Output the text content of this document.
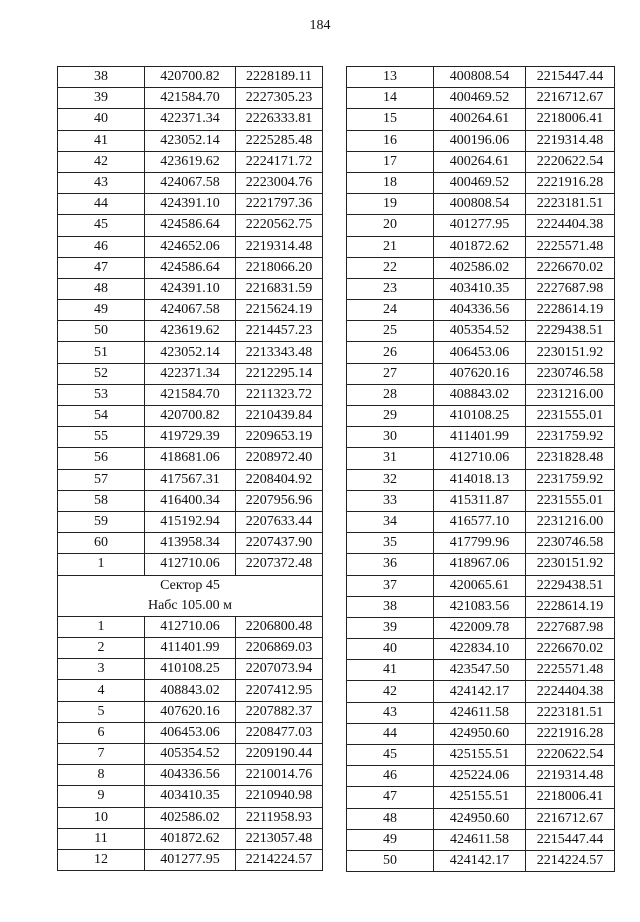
184
38	420700.82	2228189.11
39	421584.70	2227305.23
40	422371.34	2226333.81
41	423052.14	2225285.48
42	423619.62	2224171.72
43	424067.58	2223004.76
44	424391.10	2221797.36
45	424586.64	2220562.75
46	424652.06	2219314.48
47	424586.64	2218066.20
48	424391.10	2216831.59
49	424067.58	2215624.19
50	423619.62	2214457.23
51	423052.14	2213343.48
52	422371.34	2212295.14
53	421584.70	2211323.72
54	420700.82	2210439.84
55	419729.39	2209653.19
56	418681.06	2208972.40
57	417567.31	2208404.92
58	416400.34	2207956.96
59	415192.94	2207633.44
60	413958.34	2207437.90
1	412710.06	2207372.48
Сектор 45		
Набс 105.00 м		
1	412710.06	2206800.48
2	411401.99	2206869.03
3	410108.25	2207073.94
4	408843.02	2207412.95
5	407620.16	2207882.37
6	406453.06	2208477.03
7	405354.52	2209190.44
8	404336.56	2210014.76
9	403410.35	2210940.98
10	402586.02	2211958.93
11	401872.62	2213057.48
12	401277.95	2214224.57
13	400808.54	2215447.44
14	400469.52	2216712.67
15	400264.61	2218006.41
16	400196.06	2219314.48
17	400264.61	2220622.54
18	400469.52	2221916.28
19	400808.54	2223181.51
20	401277.95	2224404.38
21	401872.62	2225571.48
22	402586.02	2226670.02
23	403410.35	2227687.98
24	404336.56	2228614.19
25	405354.52	2229438.51
26	406453.06	2230151.92
27	407620.16	2230746.58
28	408843.02	2231216.00
29	410108.25	2231555.01
30	411401.99	2231759.92
31	412710.06	2231828.48
32	414018.13	2231759.92
33	415311.87	2231555.01
34	416577.10	2231216.00
35	417799.96	2230746.58
36	418967.06	2230151.92
37	420065.61	2229438.51
38	421083.56	2228614.19
39	422009.78	2227687.98
40	422834.10	2226670.02
41	423547.50	2225571.48
42	424142.17	2224404.38
43	424611.58	2223181.51
44	424950.60	2221916.28
45	425155.51	2220622.54
46	425224.06	2219314.48
47	425155.51	2218006.41
48	424950.60	2216712.67
49	424611.58	2215447.44
50	424142.17	2214224.57
